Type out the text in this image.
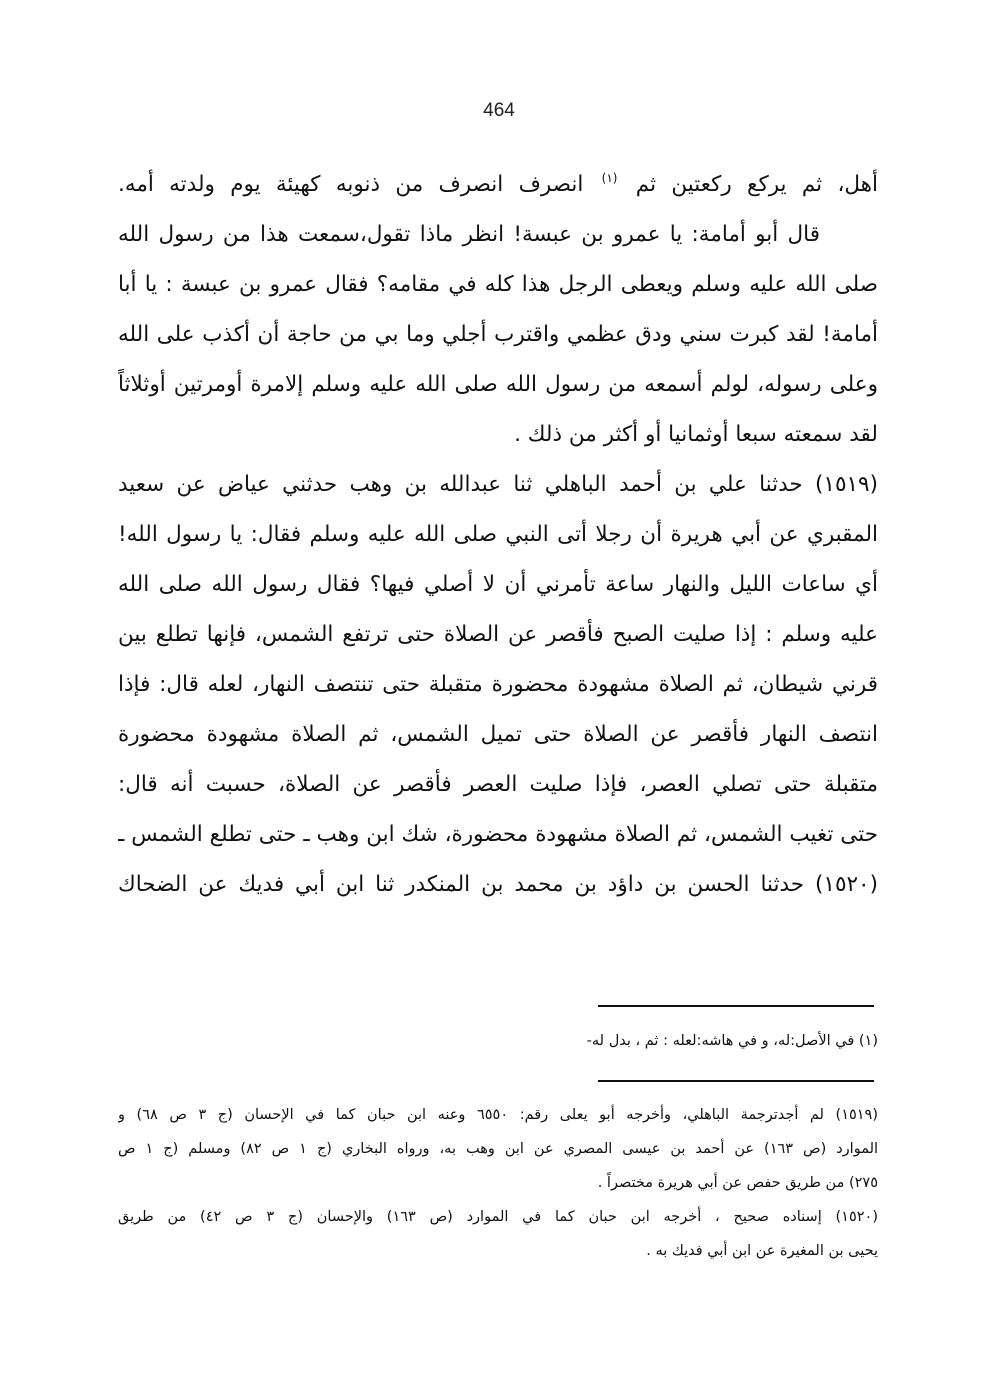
464
أهل، ثم يركع ركعتين ثم $^{(١)}$ انصرف انصرف من ذنوبه كهيئة يوم ولدته أمه.
قال أبو أمامة: يا عمرو بن عبسة! انظر ماذا تقول،سمعت هذا من رسول الله
صلى الله عليه وسلم ويعطى الرجل هذا كله في مقامه؟ فقال عمرو بن عبسة : يا أبا
أمامة! لقد كبرت سني ودق عظمي واقترب أجلي وما بي من حاجة أن أكذب على الله
وعلى رسوله، لولم أسمعه من رسول الله صلى الله عليه وسلم إلامرة أومرتين أوثلاثاً
لقد سمعته سبعا أوثمانيا أو أكثر من ذلك .
(١٥١٩) حدثنا علي بن أحمد الباهلي ثنا عبدالله بن وهب حدثني عياض عن سعيد
المقبري عن أبي هريرة أن رجلا أتى النبي صلى الله عليه وسلم فقال: يا رسول الله!
أي ساعات الليل والنهار ساعة تأمرني أن لا أصلي فيها؟ فقال رسول الله صلى الله
عليه وسلم : إذا صليت الصبح فأقصر عن الصلاة حتى ترتفع الشمس، فإنها تطلع بين
قرني شيطان، ثم الصلاة مشهودة محضورة متقبلة حتى تنتصف النهار، لعله قال: فإذا
انتصف النهار فأقصر عن الصلاة حتى تميل الشمس، ثم الصلاة مشهودة محضورة
متقبلة حتى تصلي العصر، فإذا صليت العصر فأقصر عن الصلاة، حسبت أنه قال:
حتى تغيب الشمس، ثم الصلاة مشهودة محضورة، شك ابن وهب ـ حتى تطلع الشمس ـ
(١٥٢٠) حدثنا الحسن بن داؤد بن محمد بن المنكدر ثنا ابن أبي فديك عن الضحاك
(١) في الأصل:له، و في هاشه:لعله : ثم ، بدل له-
(١٥١٩) لم أجدترجمة الباهلي، وأخرجه أبو يعلى رقم: ٦٥٥٠ وعنه ابن حبان كما في الإحسان (ج ٣ ص ٦٨) و
الموارد (ص ١٦٣) عن أحمد بن عيسى المصري عن ابن وهب به، ورواه البخاري (ج ١ ص ٨٢) ومسلم (ج ١ ص
٢٧٥) من طريق حفص عن أبي هريرة مختصراً .
(١٥٢٠) إسناده صحيح ، أخرجه ابن حبان كما في الموارد (ص ١٦٣) والإحسان (ج ٣ ص ٤٢) من طريق
يحيى بن المغيرة عن ابن أبي فديك به .
